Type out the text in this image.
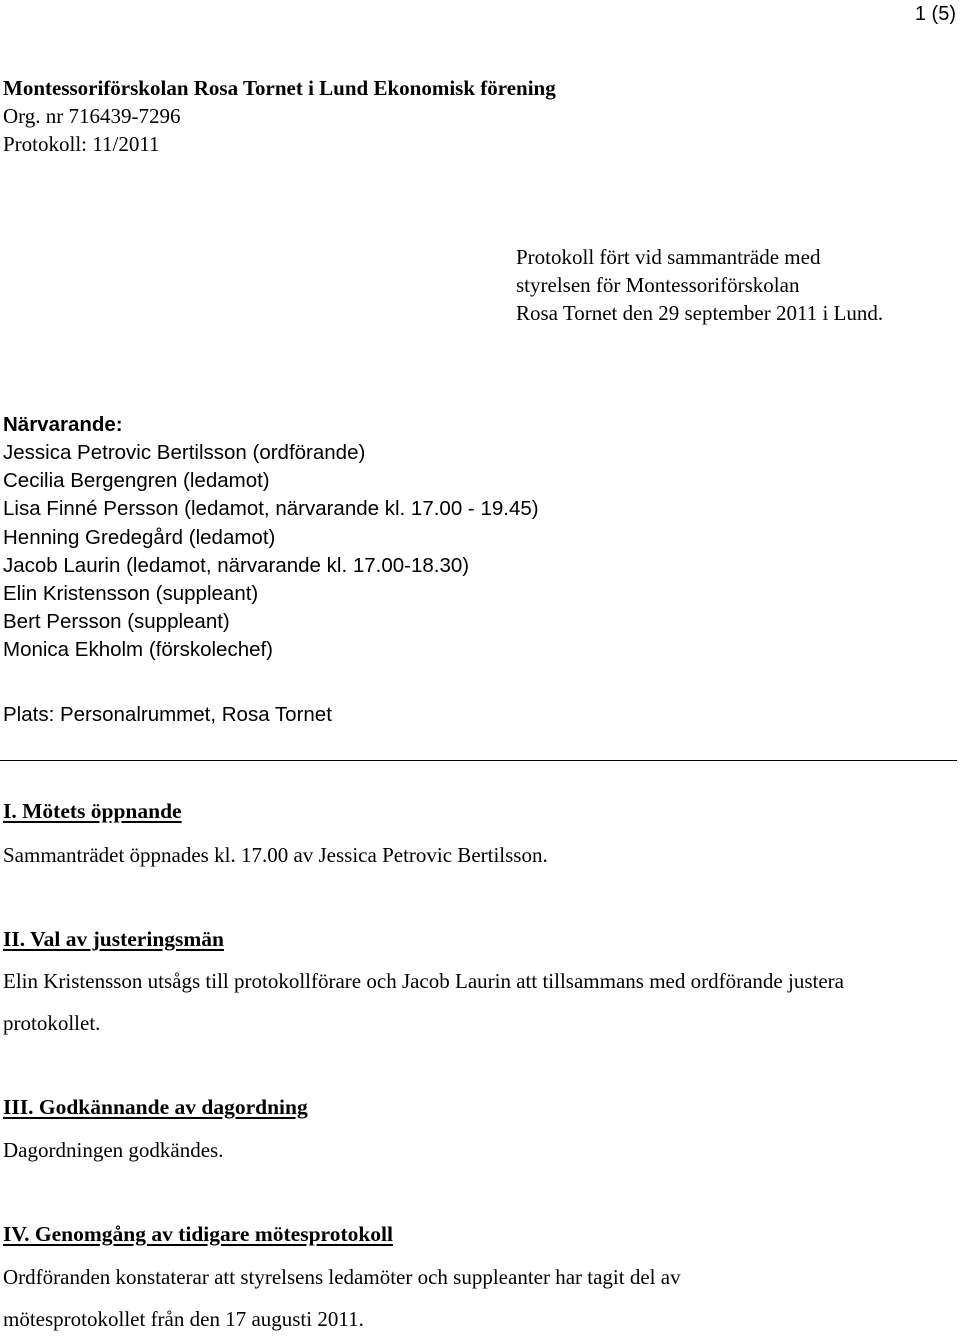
1 (5)
Montessoriförskolan Rosa Tornet i Lund Ekonomisk förening
Org. nr 716439-7296
Protokoll: 11/2011
Protokoll fört vid sammanträde med
styrelsen för Montessoriförskolan
Rosa Tornet den 29 september 2011 i Lund.
Närvarande:
Jessica Petrovic Bertilsson (ordförande)
Cecilia Bergengren (ledamot)
Lisa Finné Persson (ledamot, närvarande kl. 17.00 - 19.45)
Henning Gredegård (ledamot)
Jacob Laurin (ledamot, närvarande kl. 17.00-18.30)
Elin Kristensson (suppleant)
Bert Persson (suppleant)
Monica Ekholm (förskolechef)
Plats: Personalrummet, Rosa Tornet
I. Mötets öppnande
Sammanträdet öppnades kl. 17.00 av Jessica Petrovic Bertilsson.
II. Val av justeringsmän
Elin Kristensson utsågs till protokollförare och Jacob Laurin att tillsammans med ordförande justera protokollet.
III. Godkännande av dagordning
Dagordningen godkändes.
IV. Genomgång av tidigare mötesprotokoll
Ordföranden konstaterar att styrelsens ledamöter och suppleanter har tagit del av mötesprotokollet från den 17 augusti 2011.
